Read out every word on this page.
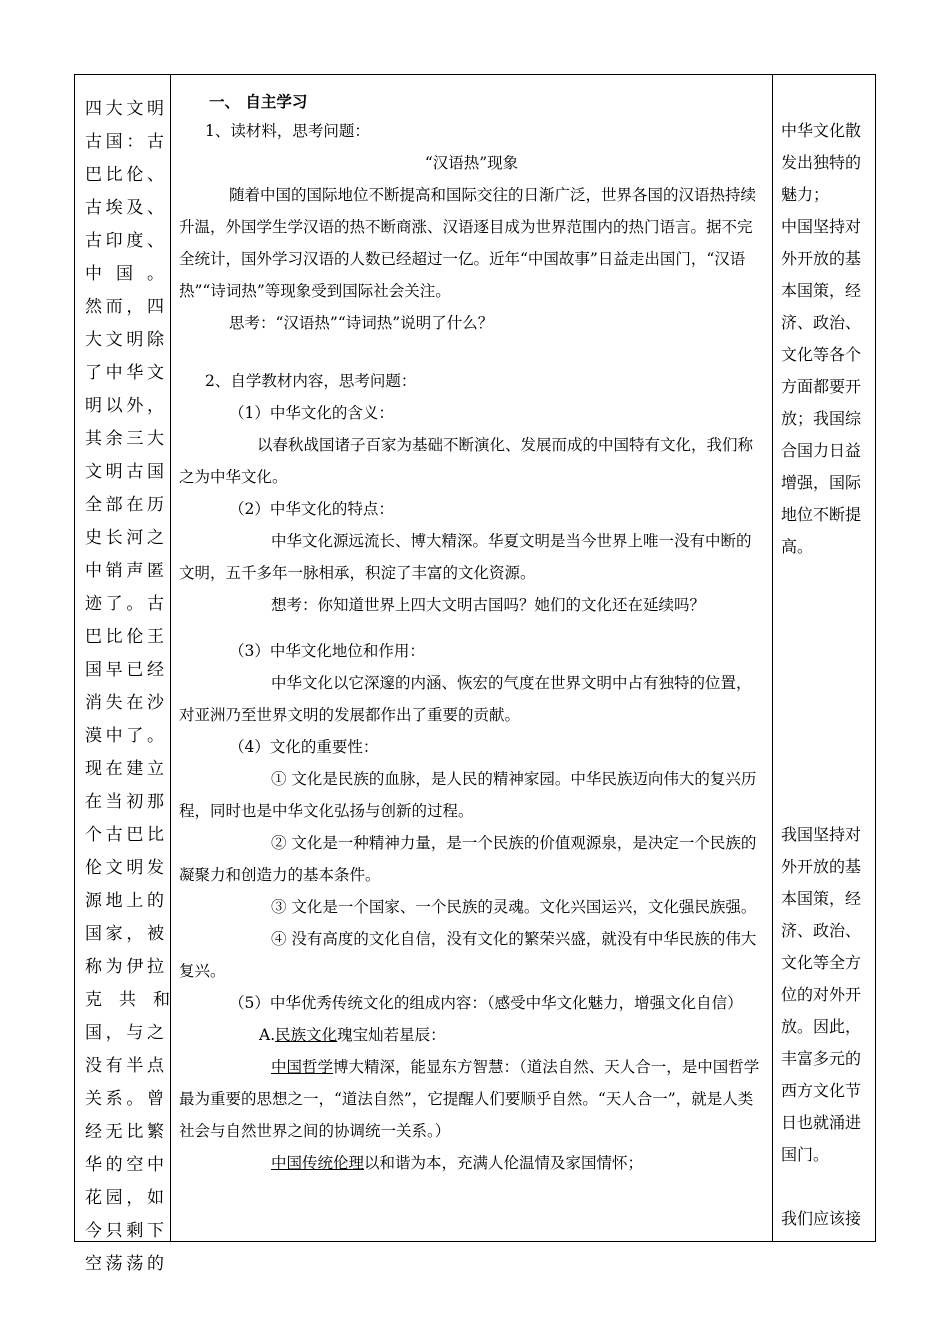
四大文明
古国：古
巴比伦、
古埃及、
古印度、
中国。
然而，四
大文明除
了中华文
明以外，
其余三大
文明古国
全部在历
史长河之
中销声匿
迹了。古
巴比伦王
国早已经
消失在沙
漠中了。
现在建立
在当初那
个古巴比
伦文明发
源地上的
国家，被
称为伊拉
克　共　和
国，与之
没有半点
关系。曾
经无比繁
华的空中
花园，如
今只剩下
空荡荡的

一、 自主学习

1、读材料，思考问题：

“汉语热”现象

随着中国的国际地位不断提高和国际交往的日渐广泛，世界各国的汉语热持续升温，外国学生学汉语的热不断商涨、汉语逐目成为世界范围内的热门语言。据不完全统计，国外学习汉语的人数已经超过一亿。近年“中国故事”日益走出国门，“汉语热”“诗词热”等现象受到国际社会关注。

思考：“汉语热”“诗词热”说明了什么？

2、自学教材内容，思考问题：

（1）中华文化的含义：

以春秋战国诸子百家为基础不断演化、发展而成的中国特有文化，我们称之为中华文化。

（2）中华文化的特点：

中华文化源远流长、博大精深。华夏文明是当今世界上唯一没有中断的文明，五千多年一脉相承，积淀了丰富的文化资源。

想考：你知道世界上四大文明古国吗？她们的文化还在延续吗？

（3）中华文化地位和作用：

中华文化以它深邃的内涵、恢宏的气度在世界文明中占有独特的位置，对亚洲乃至世界文明的发展都作出了重要的贡献。

（4）文化的重要性：

① 文化是民族的血脉，是人民的精神家园。中华民族迈向伟大的复兴历程，同时也是中华文化弘扬与创新的过程。

② 文化是一种精神力量，是一个民族的价值观源泉，是决定一个民族的凝聚力和创造力的基本条件。

③ 文化是一个国家、一个民族的灵魂。文化兴国运兴，文化强民族强。

④ 没有高度的文化自信，没有文化的繁荣兴盛，就没有中华民族的伟大复兴。

（5）中华优秀传统文化的组成内容：（感受中华文化魅力，增强文化自信）

A.民族文化瑰宝灿若星辰：

中国哲学博大精深，能显东方智慧：（道法自然、天人合一，是中国哲学最为重要的思想之一，“道法自然”，它提醒人们要顺乎自然。“天人合一”，就是人类社会与自然世界之间的协调统一关系。）

中国传统伦理以和谐为本，充满人伦温情及家国情怀；

中华文化散
发出独特的
魅力；
中国坚持对
外开放的基
本国策，经
济、政治、
文化等各个
方面都要开
放；我国综
合国力日益
增强，国际
地位不断提
高。
我国坚持对
外开放的基
本国策，经
济、政治、
文化等全方
位的对外开
放。因此，
丰富多元的
西方文化节
日也就涌进
国门。
我们应该接
